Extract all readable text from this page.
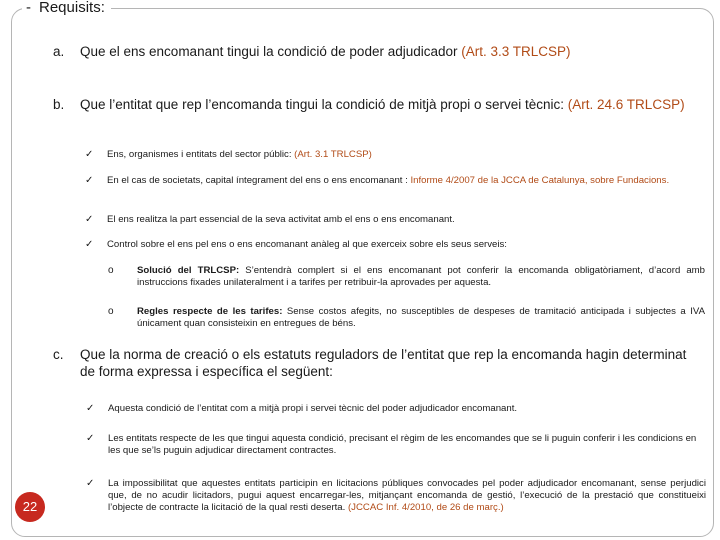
- Requisits:
a. Que el ens encomanant tingui la condició de poder adjudicador (Art. 3.3 TRLCSP)
b. Que l’entitat que rep l’encomanda tingui la condició de mitjà propi o servei tècnic: (Art. 24.6 TRLCSP)
✓ Ens, organismes i entitats del sector públic: (Art. 3.1 TRLCSP)
✓ En el cas de societats, capital íntegrament del ens o ens encomanant : Informe 4/2007 de la JCCA de Catalunya, sobre Fundacions.
✓ El ens realitza la part essencial de la seva activitat amb el ens o ens encomanant.
✓ Control sobre el ens pel ens o ens encomanant anàleg al que exerceix sobre els seus serveis:
o Solució del TRLCSP: S’entendrà complert si el ens encomanant pot conferir la encomanda obligatòriament, d’acord amb instruccions fixades unilateralment i a tarifes per retribuir-la aprovades per aquesta.
o Regles respecte de les tarifes: Sense costos afegits, no susceptibles de despeses de tramitació anticipada i subjectes a IVA únicament quan consisteixin en entregues de béns.
c. Que la norma de creació o els estatuts reguladors de l’entitat que rep la encomanda hagin determinat de forma expressa i específica el següent:
✓ Aquesta condició de l’entitat com a mitjà propi i servei tècnic del poder adjudicador encomanant.
✓ Les entitats respecte de les que tingui aquesta condició, precisant el règim de les encomandes que se li puguin conferir i les condicions en les que se’ls puguin adjudicar directament contractes.
✓ La impossibilitat que aquestes entitats participin en licitacions públiques convocades pel poder adjudicador encomanant, sense perjudici que, de no acudir licitadors, pugui aquest encarregar-les, mitjançant encomanda de gestió, l’execució de la prestació que constitueixi l’objecte de contracte la licitació de la qual resti deserta. (JCCAC Inf. 4/2010, de 26 de març.)
22
